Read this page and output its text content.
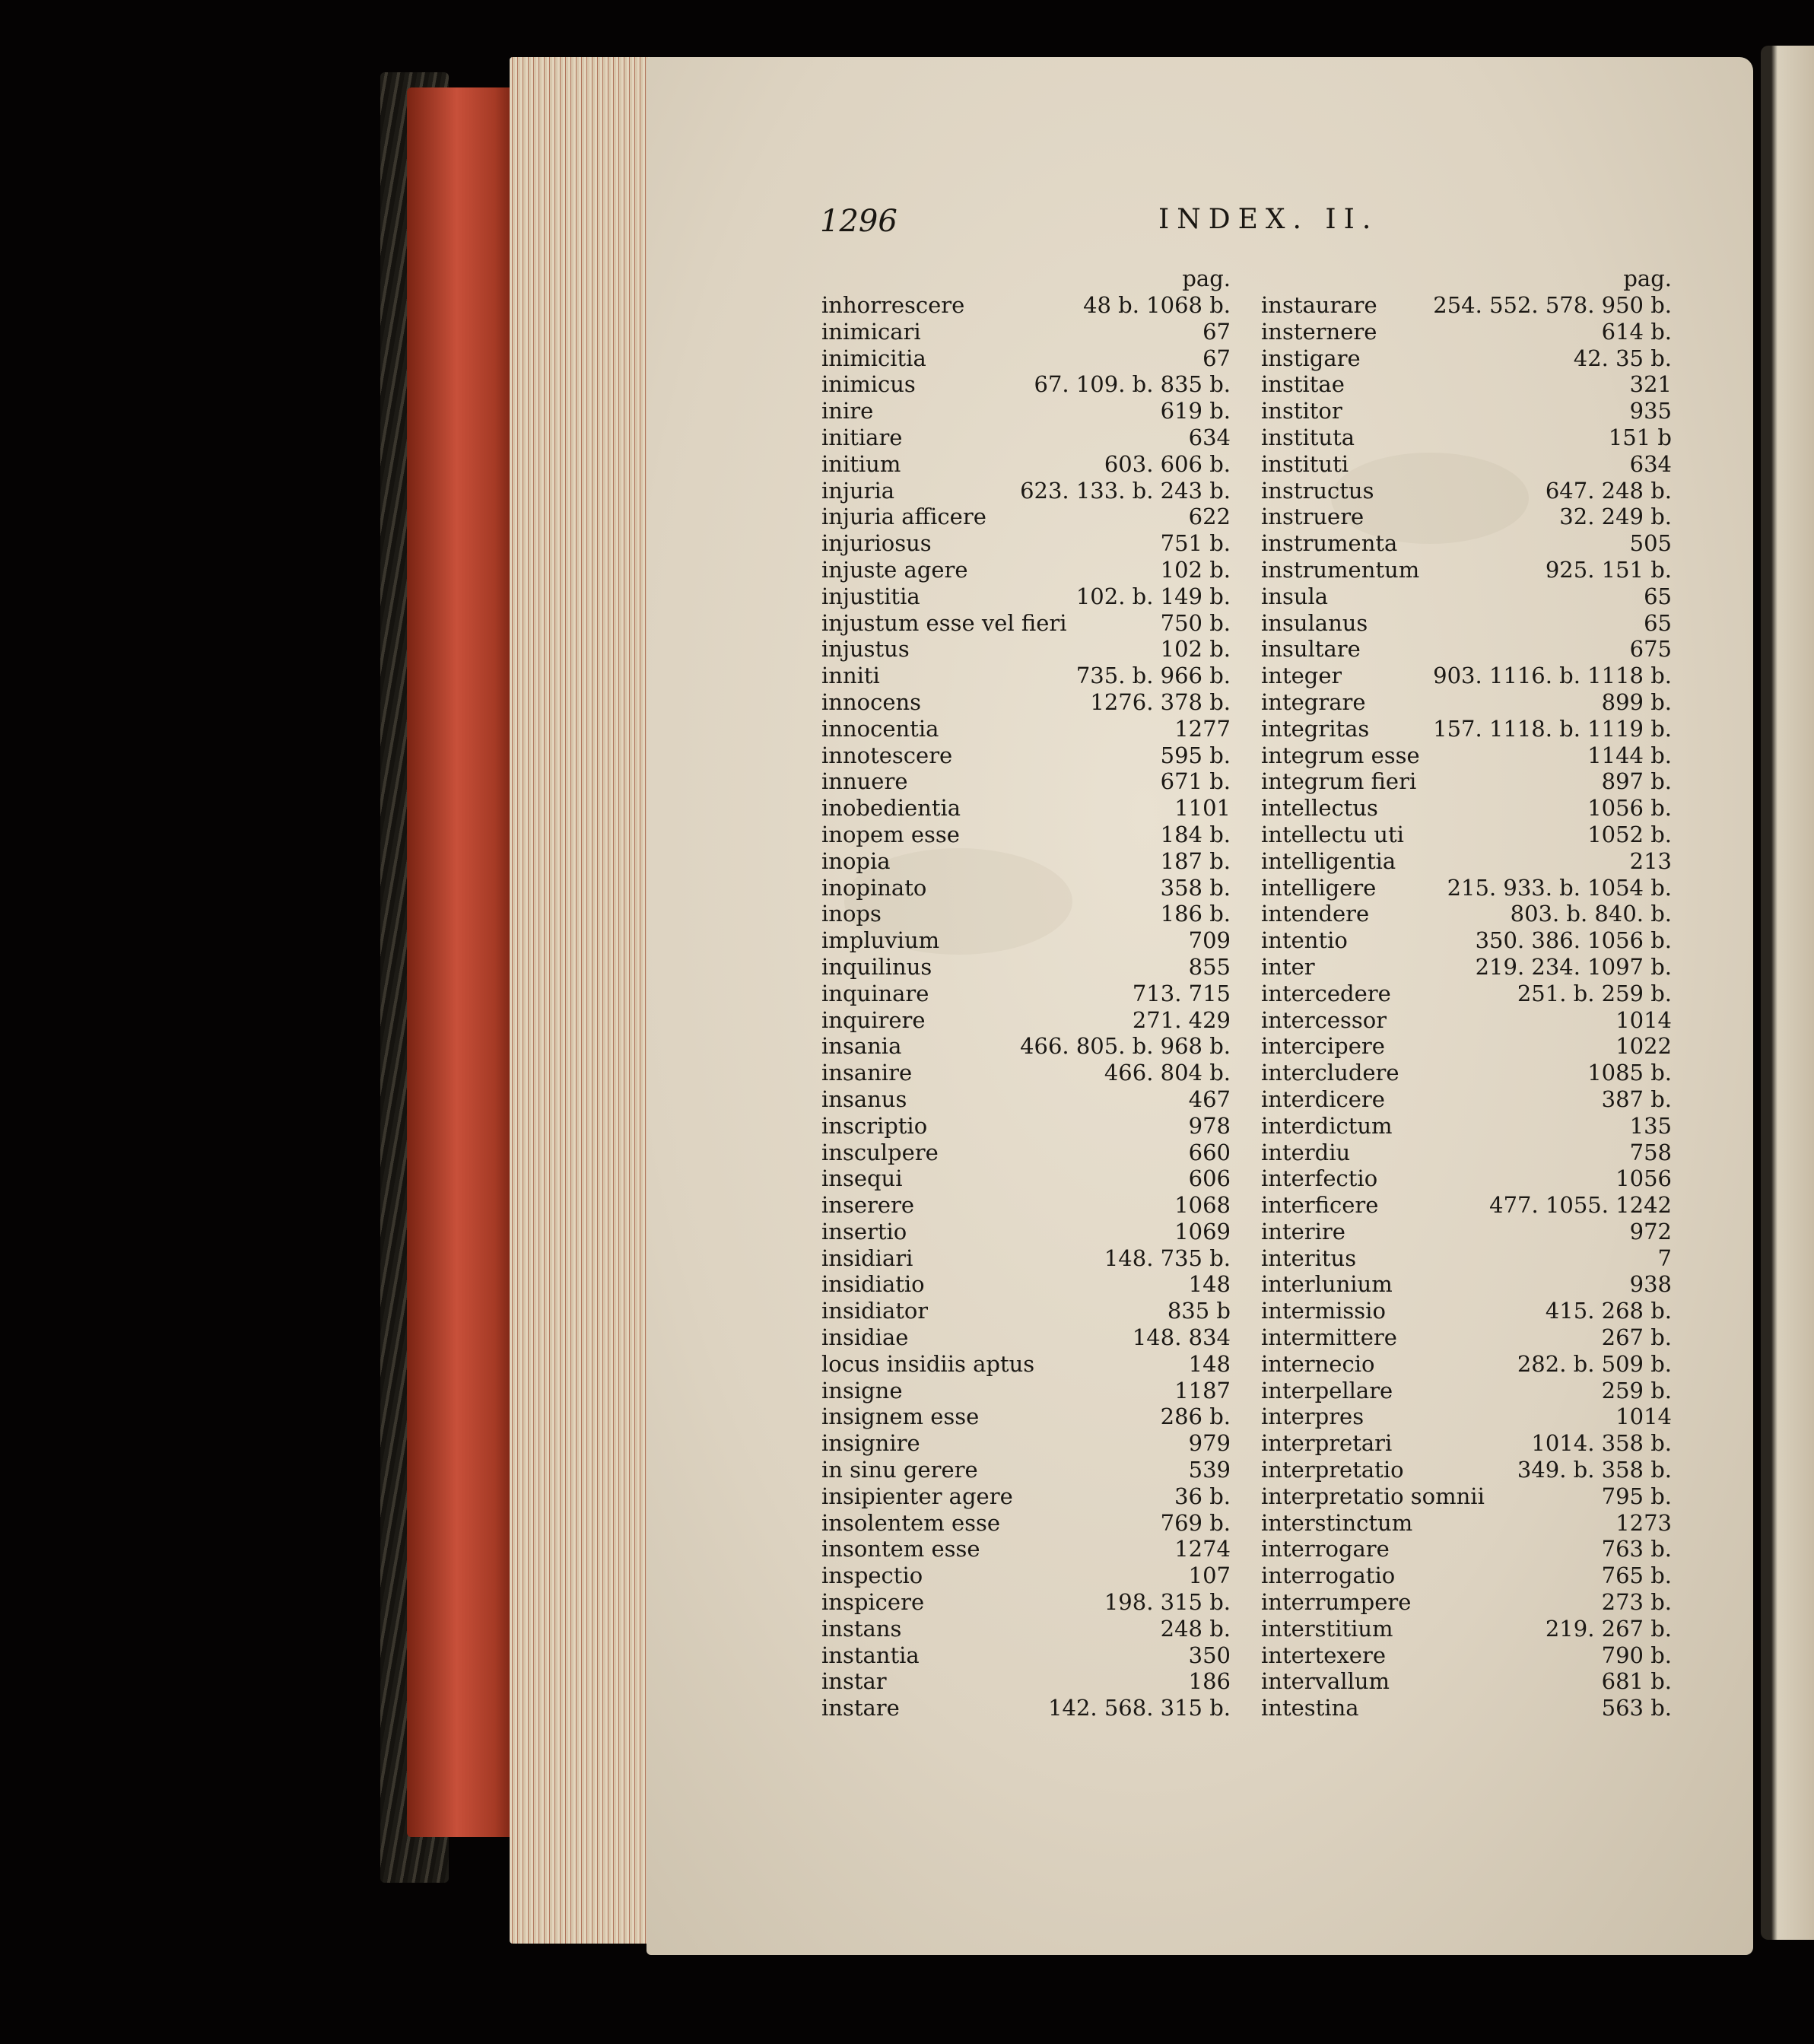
1296	INDEX. II.
pag.
inhorrescere	48 b. 1068 b.
inimicari	67
inimicitia	67
inimicus	67. 109. b. 835 b.
inire	619 b.
initiare	634
initium	603. 606 b.
injuria	623. 133. b. 243 b.
injuria afficere	622
injuriosus	751 b.
injuste agere	102 b.
injustitia	102. b. 149 b.
injustum esse vel fieri	750 b.
injustus	102 b.
inniti	735. b. 966 b.
innocens	1276. 378 b.
innocentia	1277
innotescere	595 b.
innuere	671 b.
inobedientia	1101
inopem esse	184 b.
inopia	187 b.
inopinato	358 b.
inops	186 b.
impluvium	709
inquilinus	855
inquinare	713. 715
inquirere	271. 429
insania	466. 805. b. 968 b.
insanire	466. 804 b.
insanus	467
inscriptio	978
insculpere	660
insequi	606
inserere	1068
insertio	1069
insidiari	148. 735 b.
insidiatio	148
insidiator	835 b
insidiae	148. 834
locus insidiis aptus	148
insigne	1187
insignem esse	286 b.
insignire	979
in sinu gerere	539
insipienter agere	36 b.
insolentem esse	769 b.
insontem esse	1274
inspectio	107
inspicere	198. 315 b.
instans	248 b.
instantia	350
instar	186
instare	142. 568. 315 b.
pag.
instaurare	254. 552. 578. 950 b.
insternere	614 b.
instigare	42. 35 b.
institae	321
institor	935
instituta	151 b
instituti	634
instructus	647. 248 b.
instruere	32. 249 b.
instrumenta	505
instrumentum	925. 151 b.
insula	65
insulanus	65
insultare	675
integer	903. 1116. b. 1118 b.
integrare	899 b.
integritas	157. 1118. b. 1119 b.
integrum esse	1144 b.
integrum fieri	897 b.
intellectus	1056 b.
intellectu uti	1052 b.
intelligentia	213
intelligere	215. 933. b. 1054 b.
intendere	803. b. 840. b.
intentio	350. 386. 1056 b.
inter	219. 234. 1097 b.
intercedere	251. b. 259 b.
intercessor	1014
intercipere	1022
intercludere	1085 b.
interdicere	387 b.
interdictum	135
interdiu	758
interfectio	1056
interficere	477. 1055. 1242
interire	972
interitus	7
interlunium	938
intermissio	415. 268 b.
intermittere	267 b.
internecio	282. b. 509 b.
interpellare	259 b.
interpres	1014
interpretari	1014. 358 b.
interpretatio	349. b. 358 b.
interpretatio somnii	795 b.
interstinctum	1273
interrogare	763 b.
interrogatio	765 b.
interrumpere	273 b.
interstitium	219. 267 b.
intertexere	790 b.
intervallum	681 b.
intestina	563 b.
